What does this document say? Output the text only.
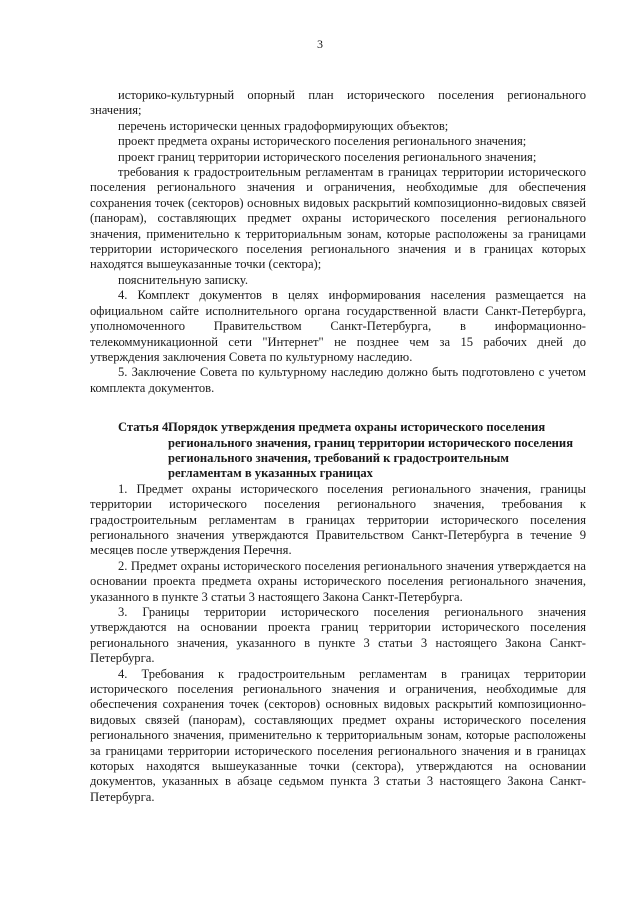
3

историко-культурный опорный план исторического поселения регионального значения;

перечень исторически ценных градоформирующих объектов;

проект предмета охраны исторического поселения регионального значения;

проект границ территории исторического поселения регионального значения;

требования к градостроительным регламентам в границах территории исторического поселения регионального значения и ограничения, необходимые для обеспечения сохранения точек (секторов) основных видовых раскрытий композиционно-видовых связей (панорам), составляющих предмет охраны исторического поселения регионального значения, применительно к территориальным зонам, которые расположены за границами территории исторического поселения регионального значения и в границах которых находятся вышеуказанные точки (сектора);

пояснительную записку.

4. Комплект документов в целях информирования населения размещается на официальном сайте исполнительного органа государственной власти Санкт-Петербурга, уполномоченного Правительством Санкт-Петербурга, в информационно-телекоммуникационной сети "Интернет" не позднее чем за 15 рабочих дней до утверждения заключения Совета по культурному наследию.

5. Заключение Совета по культурному наследию должно быть подготовлено с учетом комплекта документов.

Статья 4.
Порядок утверждения предмета охраны исторического поселения регионального значения, границ территории исторического поселения регионального значения, требований к градостроительным регламентам в указанных границах

1. Предмет охраны исторического поселения регионального значения, границы территории исторического поселения регионального значения, требования к градостроительным регламентам в границах территории исторического поселения регионального значения утверждаются Правительством Санкт-Петербурга в течение 9 месяцев после утверждения Перечня.

2. Предмет охраны исторического поселения регионального значения утверждается на основании проекта предмета охраны исторического поселения регионального значения, указанного в пункте 3 статьи 3 настоящего Закона Санкт-Петербурга.

3. Границы территории исторического поселения регионального значения утверждаются на основании проекта границ территории исторического поселения регионального значения, указанного в пункте 3 статьи 3 настоящего Закона Санкт-Петербурга.

4. Требования к градостроительным регламентам в границах территории исторического поселения регионального значения и ограничения, необходимые для обеспечения сохранения точек (секторов) основных видовых раскрытий композиционно-видовых связей (панорам), составляющих предмет охраны исторического поселения регионального значения, применительно к территориальным зонам, которые расположены за границами территории исторического поселения регионального значения и в границах которых находятся вышеуказанные точки (сектора), утверждаются на основании документов, указанных в абзаце седьмом пункта 3 статьи 3 настоящего Закона Санкт-Петербурга.
